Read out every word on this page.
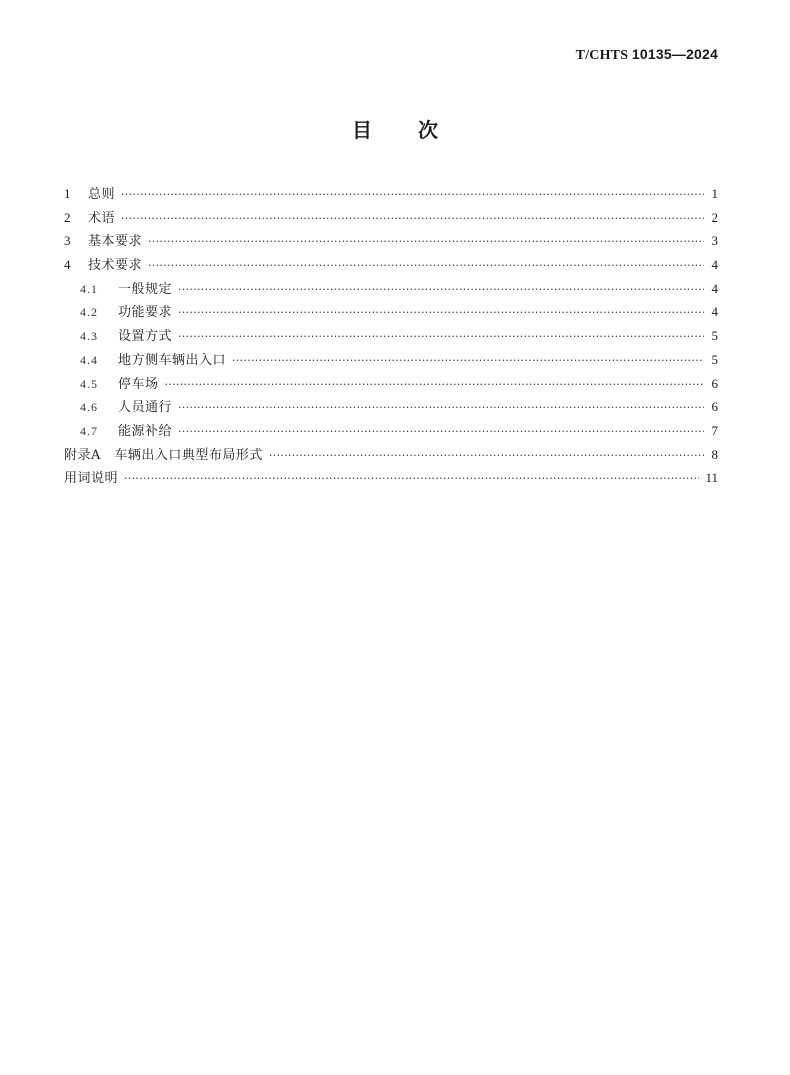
T/CHTS 10135—2024
目 次
1	总则 ·····	1
2	术语 ·····	2
3	基本要求 ·····	3
4	技术要求 ·····	4
4.1	一般规定 ·····	4
4.2	功能要求 ·····	4
4.3	设置方式 ·····	5
4.4	地方侧车辆出入口 ·····	5
4.5	停车场 ·····	6
4.6	人员通行 ·····	6
4.7	能源补给 ·····	7
附录A　车辆出入口典型布局形式 ·····	8
用词说明 ·····	11
